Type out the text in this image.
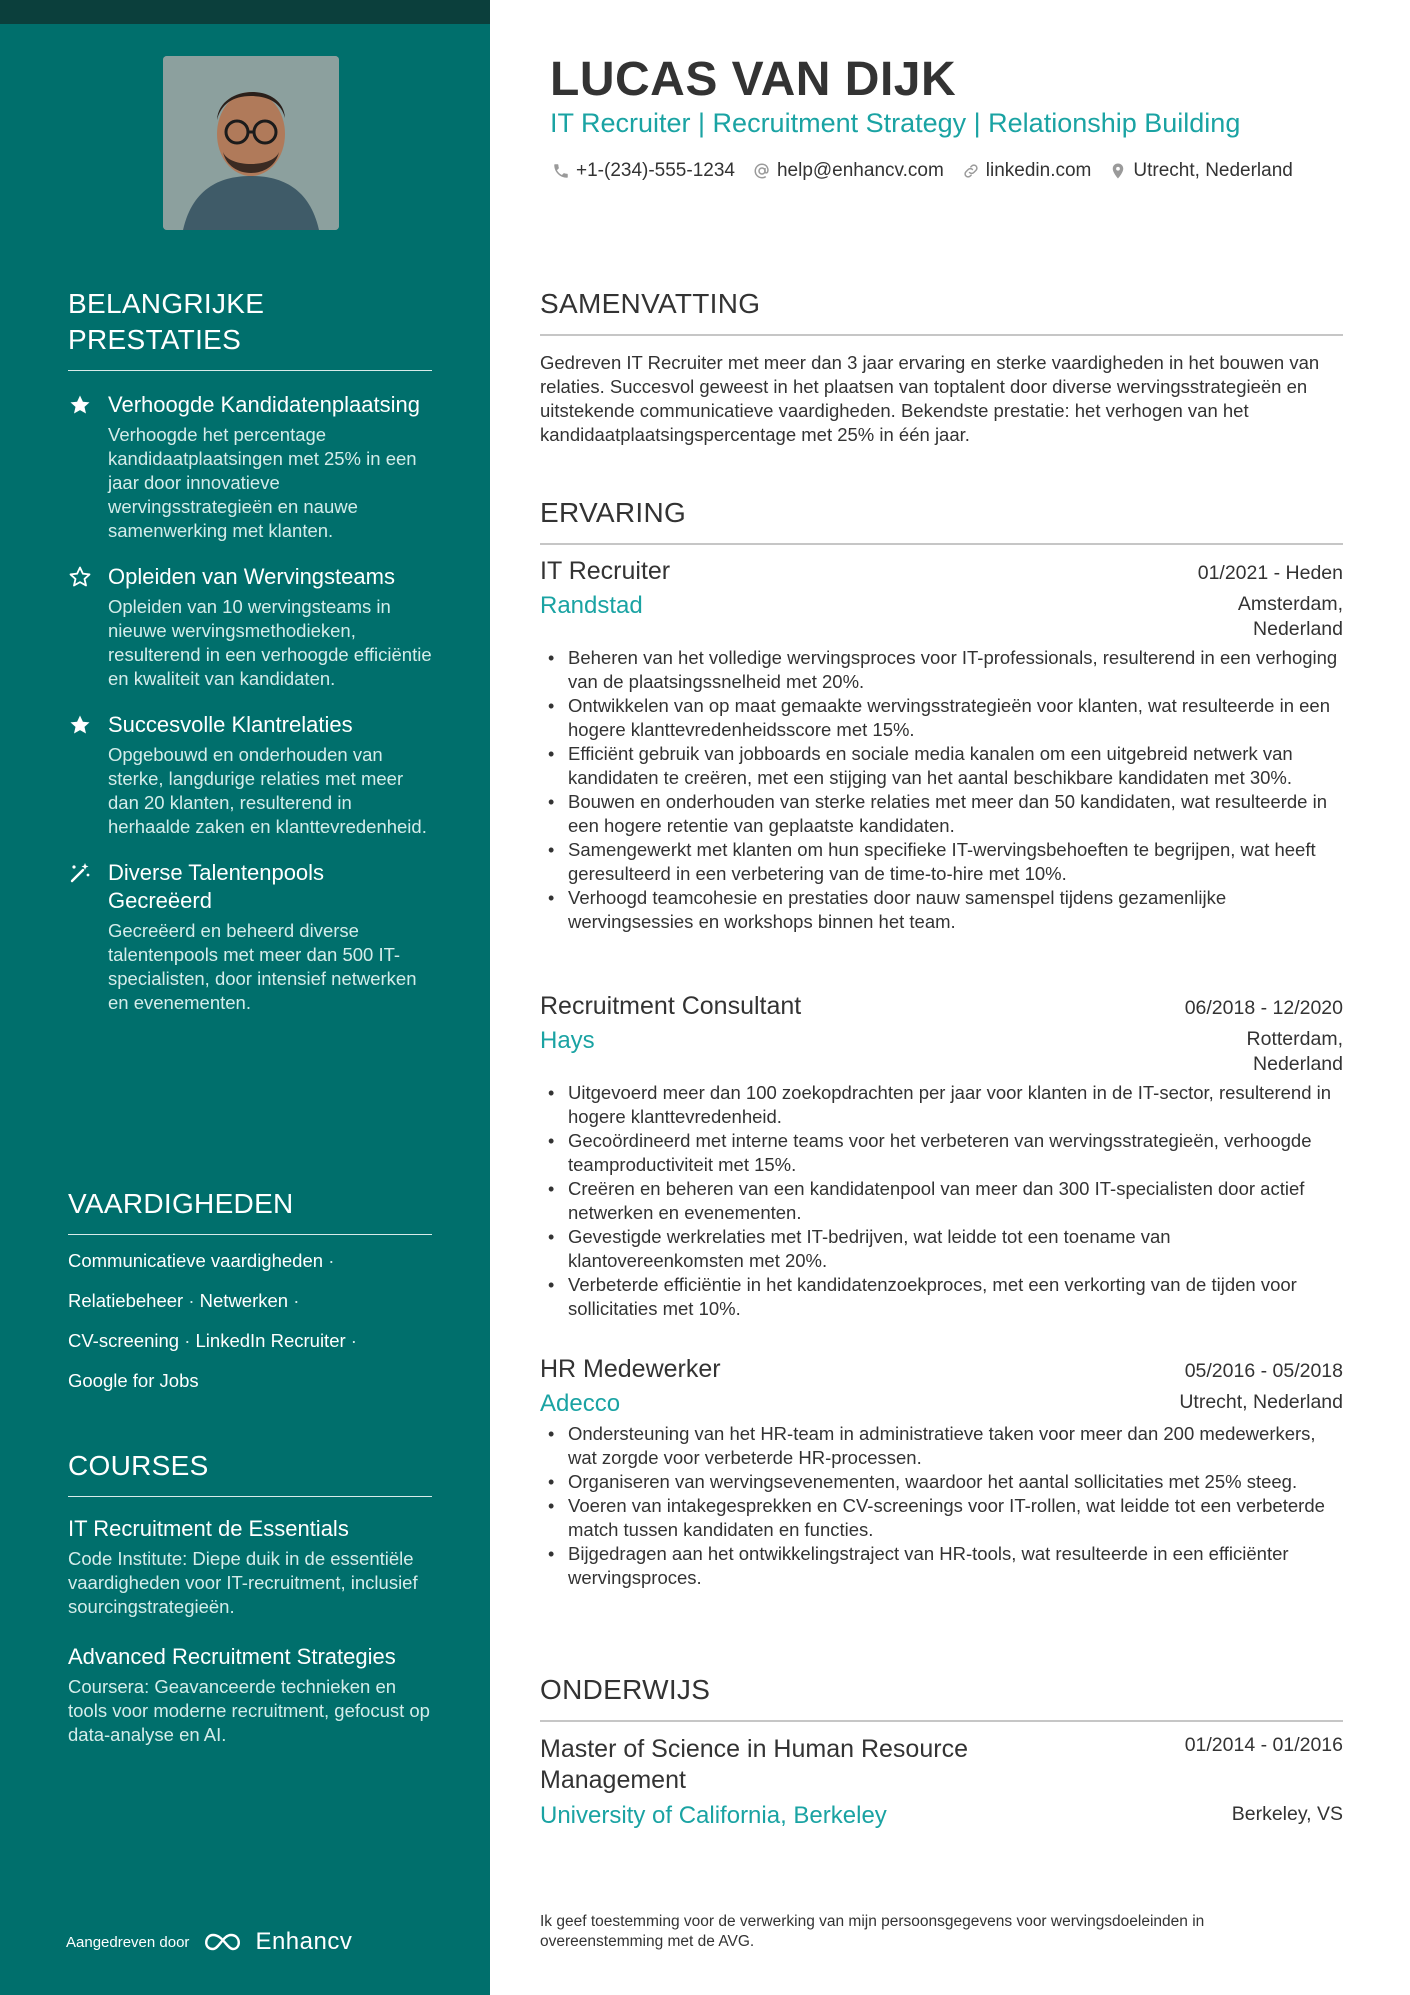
BELANGRIJKE PRESTATIES
Verhoogde Kandidatenplaatsing
Verhoogde het percentage kandidaatplaatsingen met 25% in een jaar door innovatieve wervingsstrategieën en nauwe samenwerking met klanten.
Opleiden van Wervingsteams
Opleiden van 10 wervingsteams in nieuwe wervingsmethodieken, resulterend in een verhoogde efficiëntie en kwaliteit van kandidaten.
Succesvolle Klantrelaties
Opgebouwd en onderhouden van sterke, langdurige relaties met meer dan 20 klanten, resulterend in herhaalde zaken en klanttevredenheid.
Diverse Talentenpools Gecreëerd
Gecreëerd en beheerd diverse talentenpools met meer dan 500 IT-specialisten, door intensief netwerken en evenementen.
VAARDIGHEDEN
Communicatieve vaardigheden ·
Relatiebeheer · Netwerken ·
CV-screening · LinkedIn Recruiter ·
Google for Jobs
COURSES
IT Recruitment de Essentials
Code Institute: Diepe duik in de essentiële vaardigheden voor IT-recruitment, inclusief sourcingstrategieën.
Advanced Recruitment Strategies
Coursera: Geavanceerde technieken en tools voor moderne recruitment, gefocust op data-analyse en AI.
Aangedreven door	Enhancv
LUCAS VAN DIJK
IT Recruiter | Recruitment Strategy | Relationship Building
+1-(234)-555-1234 help@enhancv.com linkedin.com Utrecht, Nederland
SAMENVATTING
Gedreven IT Recruiter met meer dan 3 jaar ervaring en sterke vaardigheden in het bouwen van relaties. Succesvol geweest in het plaatsen van toptalent door diverse wervingsstrategieën en uitstekende communicatieve vaardigheden. Bekendste prestatie: het verhogen van het kandidaatplaatsingspercentage met 25% in één jaar.
ERVARING
IT Recruiter	01/2021 - Heden
Randstad	Amsterdam, Nederland
• Beheren van het volledige wervingsproces voor IT-professionals, resulterend in een verhoging van de plaatsingssnelheid met 20%.
• Ontwikkelen van op maat gemaakte wervingsstrategieën voor klanten, wat resulteerde in een hogere klanttevredenheidsscore met 15%.
• Efficiënt gebruik van jobboards en sociale media kanalen om een uitgebreid netwerk van kandidaten te creëren, met een stijging van het aantal beschikbare kandidaten met 30%.
• Bouwen en onderhouden van sterke relaties met meer dan 50 kandidaten, wat resulteerde in een hogere retentie van geplaatste kandidaten.
• Samengewerkt met klanten om hun specifieke IT-wervingsbehoeften te begrijpen, wat heeft geresulteerd in een verbetering van de time-to-hire met 10%.
• Verhoogd teamcohesie en prestaties door nauw samenspel tijdens gezamenlijke wervingsessies en workshops binnen het team.
Recruitment Consultant	06/2018 - 12/2020
Hays	Rotterdam, Nederland
• Uitgevoerd meer dan 100 zoekopdrachten per jaar voor klanten in de IT-sector, resulterend in hogere klanttevredenheid.
• Gecoördineerd met interne teams voor het verbeteren van wervingsstrategieën, verhoogde teamproductiviteit met 15%.
• Creëren en beheren van een kandidatenpool van meer dan 300 IT-specialisten door actief netwerken en evenementen.
• Gevestigde werkrelaties met IT-bedrijven, wat leidde tot een toename van klantovereenkomsten met 20%.
• Verbeterde efficiëntie in het kandidatenzoekproces, met een verkorting van de tijden voor sollicitaties met 10%.
HR Medewerker	05/2016 - 05/2018
Adecco	Utrecht, Nederland
• Ondersteuning van het HR-team in administratieve taken voor meer dan 200 medewerkers, wat zorgde voor verbeterde HR-processen.
• Organiseren van wervingsevenementen, waardoor het aantal sollicitaties met 25% steeg.
• Voeren van intakegesprekken en CV-screenings voor IT-rollen, wat leidde tot een verbeterde match tussen kandidaten en functies.
• Bijgedragen aan het ontwikkelingstraject van HR-tools, wat resulteerde in een efficiënter wervingsproces.
ONDERWIJS
Master of Science in Human Resource Management
01/2014 - 01/2016
University of California, Berkeley	Berkeley, VS
Ik geef toestemming voor de verwerking van mijn persoonsgegevens voor wervingsdoeleinden in overeenstemming met de AVG.
